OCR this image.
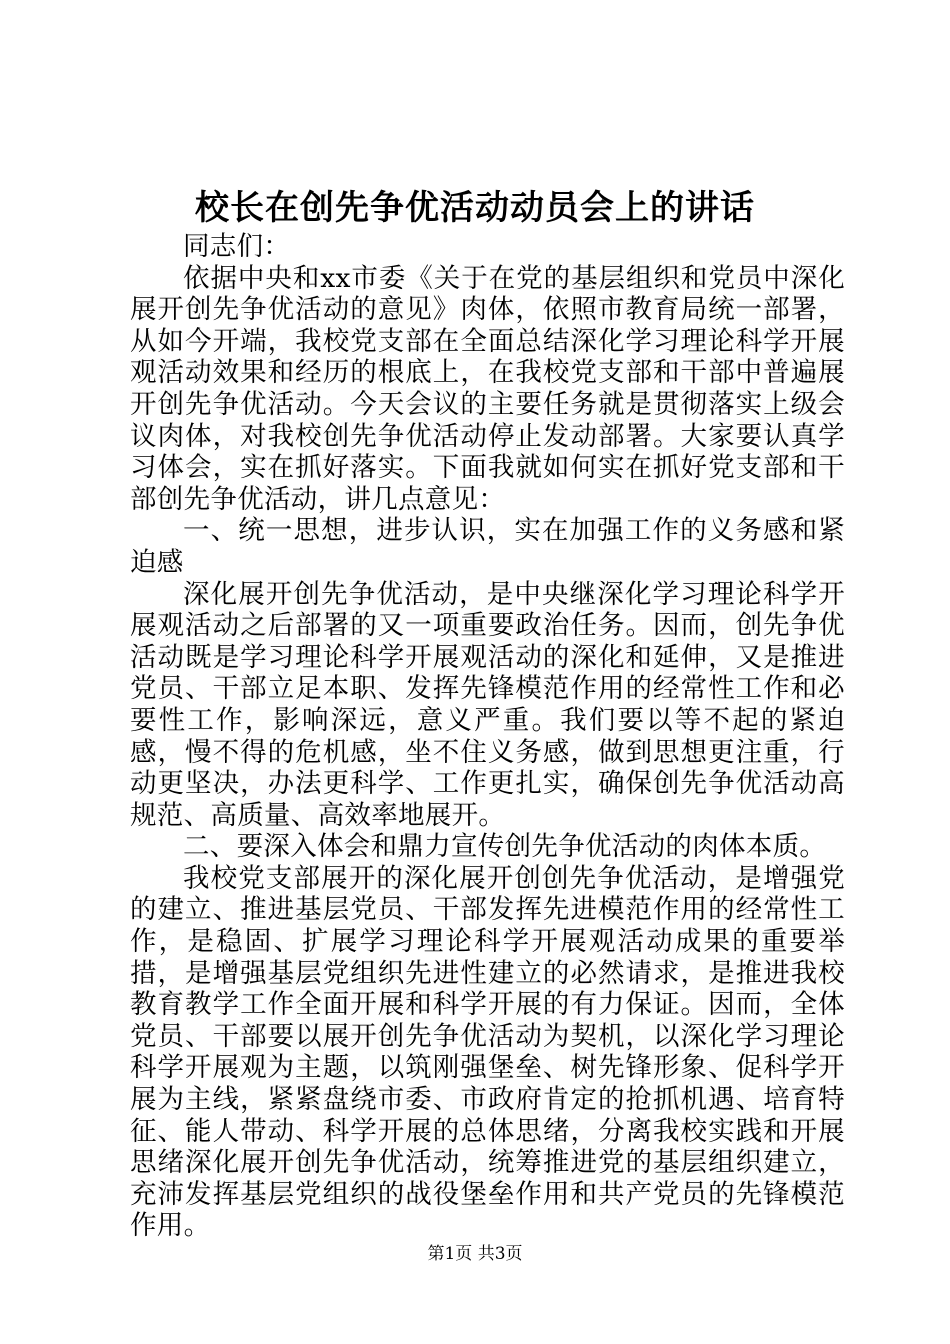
校长在创先争优活动动员会上的讲话

同志们：

依据中央和xx市委《关于在党的基层组织和党员中深化展开创先争优活动的意见》肉体，依照市教育局统一部署，从如今开端，我校党支部在全面总结深化学习理论科学开展观活动效果和经历的根底上，在我校党支部和干部中普遍展开创先争优活动。今天会议的主要任务就是贯彻落实上级会议肉体，对我校创先争优活动停止发动部署。大家要认真学习体会，实在抓好落实。下面我就如何实在抓好党支部和干部创先争优活动，讲几点意见：

一、统一思想，进步认识，实在加强工作的义务感和紧迫感

深化展开创先争优活动，是中央继深化学习理论科学开展观活动之后部署的又一项重要政治任务。因而，创先争优活动既是学习理论科学开展观活动的深化和延伸，又是推进党员、干部立足本职、发挥先锋模范作用的经常性工作和必要性工作，影响深远，意义严重。我们要以等不起的紧迫感，慢不得的危机感，坐不住义务感，做到思想更注重，行动更坚决，办法更科学、工作更扎实，确保创先争优活动高规范、高质量、高效率地展开。

二、要深入体会和鼎力宣传创先争优活动的肉体本质。

我校党支部展开的深化展开创创先争优活动，是增强党的建立、推进基层党员、干部发挥先进模范作用的经常性工作，是稳固、扩展学习理论科学开展观活动成果的重要举措，是增强基层党组织先进性建立的必然请求，是推进我校教育教学工作全面开展和科学开展的有力保证。因而，全体党员、干部要以展开创先争优活动为契机，以深化学习理论科学开展观为主题，以筑刚强堡垒、树先锋形象、促科学开展为主线，紧紧盘绕市委、市政府肯定的抢抓机遇、培育特征、能人带动、科学开展的总体思绪，分离我校实践和开展思绪深化展开创先争优活动，统筹推进党的基层组织建立，充沛发挥基层党组织的战役堡垒作用和共产党员的先锋模范作用。

第1页 共3页
